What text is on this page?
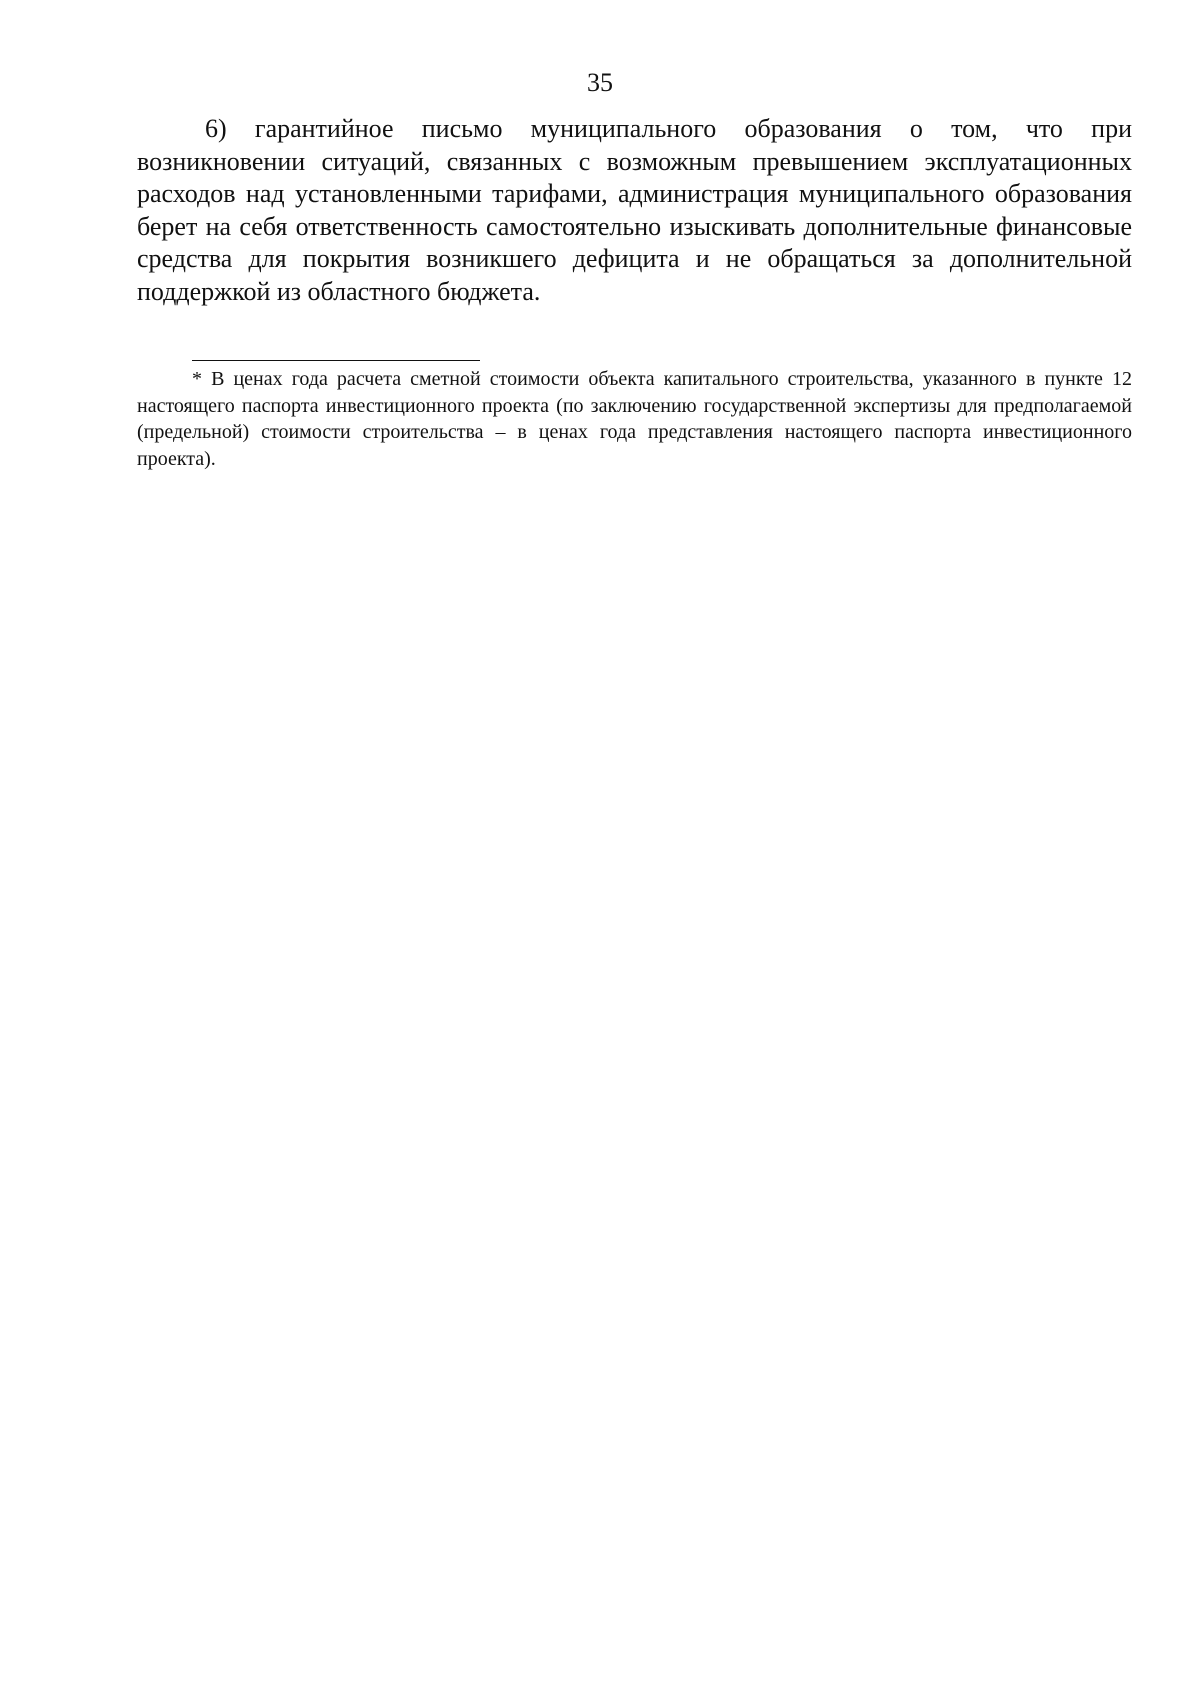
35

6) гарантийное письмо муниципального образования о том, что при возникновении ситуаций, связанных с возможным превышением эксплуатационных расходов над установленными тарифами, администрация муниципального образования берет на себя ответственность самостоятельно изыскивать дополнительные финансовые средства для покрытия возникшего дефицита и не обращаться за дополнительной поддержкой из областного бюджета.

* В ценах года расчета сметной стоимости объекта капитального строительства, указанного в пункте 12 настоящего паспорта инвестиционного проекта (по заключению государственной экспертизы для предполагаемой (предельной) стоимости строительства – в ценах года представления настоящего паспорта инвестиционного проекта).
